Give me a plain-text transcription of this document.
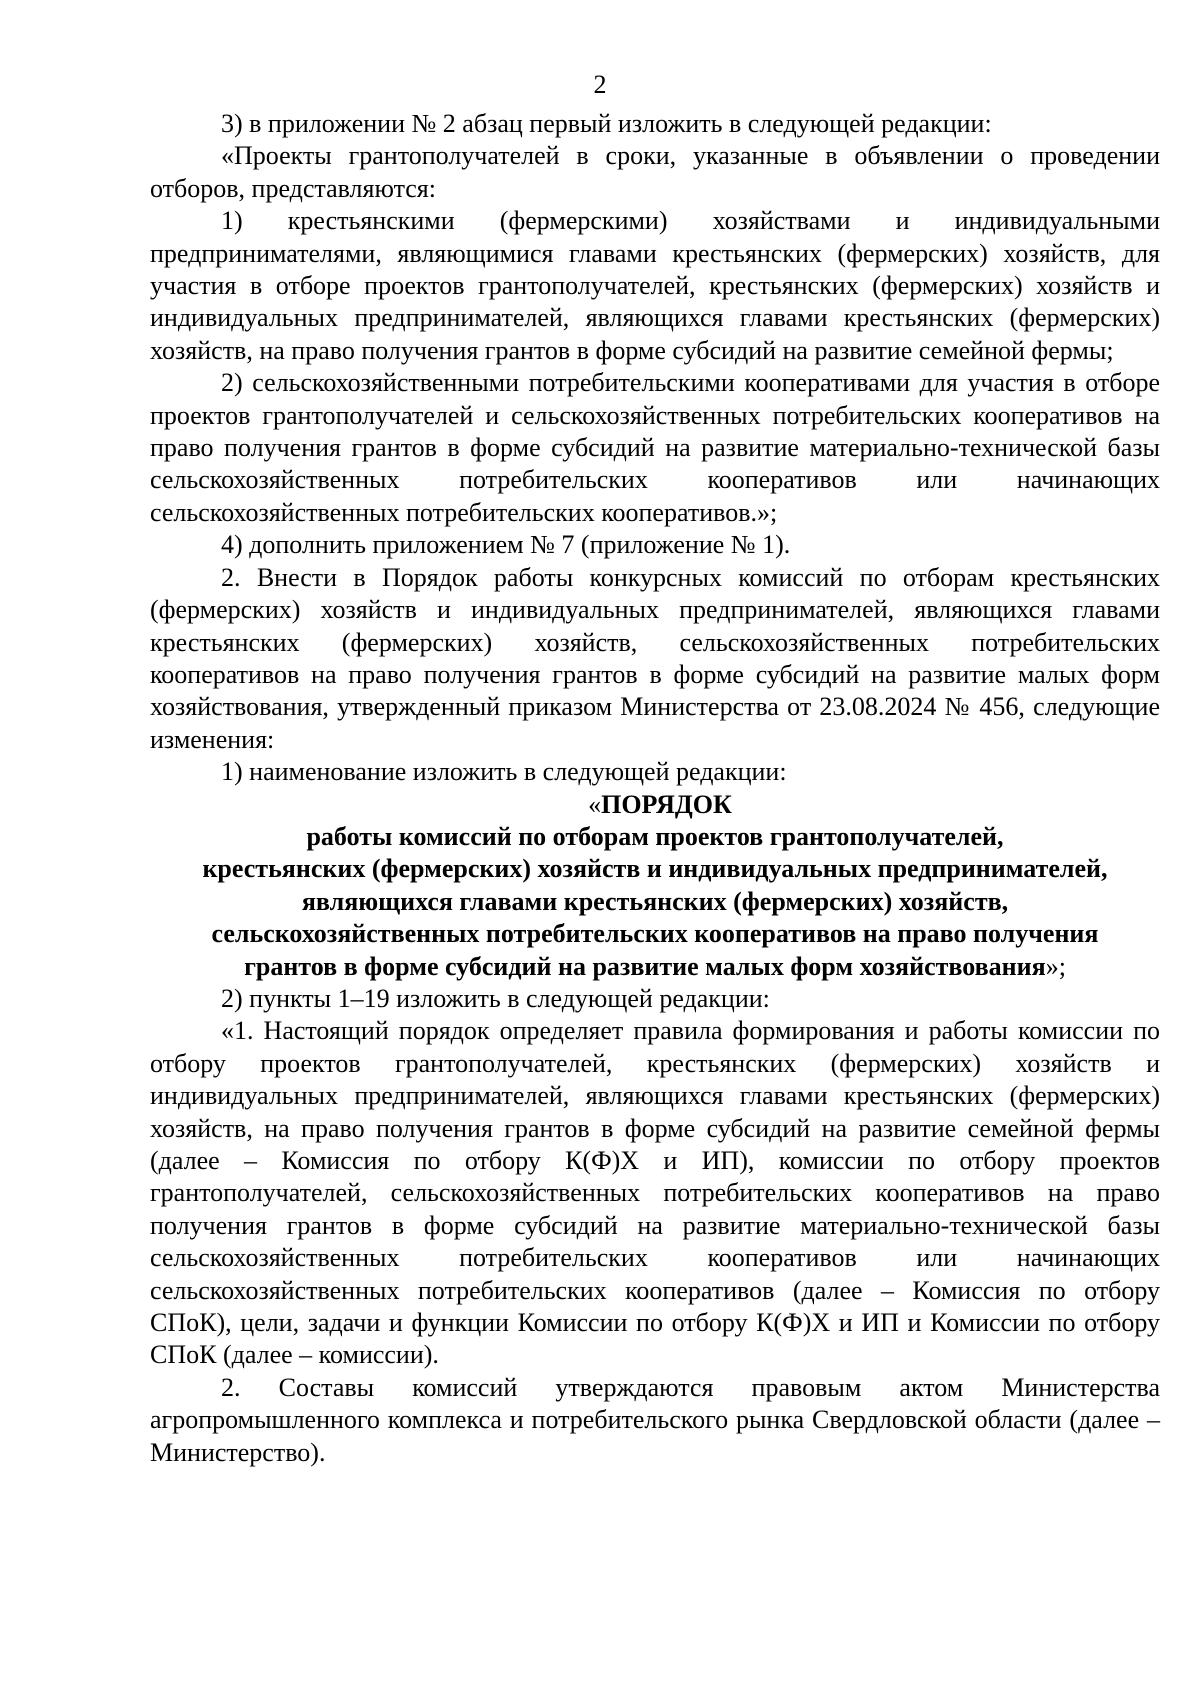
2

3) в приложении № 2 абзац первый изложить в следующей редакции:

«Проекты грантополучателей в сроки, указанные в объявлении о проведении отборов, представляются:

1) крестьянскими (фермерскими) хозяйствами и индивидуальными предпринимателями, являющимися главами крестьянских (фермерских) хозяйств, для участия в отборе проектов грантополучателей, крестьянских (фермерских) хозяйств и индивидуальных предпринимателей, являющихся главами крестьянских (фермерских) хозяйств, на право получения грантов в форме субсидий на развитие семейной фермы;

2) сельскохозяйственными потребительскими кооперативами для участия в отборе проектов грантополучателей и сельскохозяйственных потребительских кооперативов на право получения грантов в форме субсидий на развитие материально-технической базы сельскохозяйственных потребительских кооперативов или начинающих сельскохозяйственных потребительских кооперативов.»;

4) дополнить приложением № 7 (приложение № 1).

2. Внести в Порядок работы конкурсных комиссий по отборам крестьянских (фермерских) хозяйств и индивидуальных предпринимателей, являющихся главами крестьянских (фермерских) хозяйств, сельскохозяйственных потребительских кооперативов на право получения грантов в форме субсидий на развитие малых форм хозяйствования, утвержденный приказом Министерства от 23.08.2024 № 456, следующие изменения:

1) наименование изложить в следующей редакции:

«ПОРЯДОК
работы комиссий по отборам проектов грантополучателей,
крестьянских (фермерских) хозяйств и индивидуальных предпринимателей,
являющихся главами крестьянских (фермерских) хозяйств,
сельскохозяйственных потребительских кооперативов на право получения
грантов в форме субсидий на развитие малых форм хозяйствования»;

2) пункты 1–19 изложить в следующей редакции:

«1. Настоящий порядок определяет правила формирования и работы комиссии по отбору проектов грантополучателей, крестьянских (фермерских) хозяйств и индивидуальных предпринимателей, являющихся главами крестьянских (фермерских) хозяйств, на право получения грантов в форме субсидий на развитие семейной фермы (далее – Комиссия по отбору К(Ф)Х и ИП), комиссии по отбору проектов грантополучателей, сельскохозяйственных потребительских кооперативов на право получения грантов в форме субсидий на развитие материально-технической базы сельскохозяйственных потребительских кооперативов или начинающих сельскохозяйственных потребительских кооперативов (далее – Комиссия по отбору СПоК), цели, задачи и функции Комиссии по отбору К(Ф)Х и ИП и Комиссии по отбору СПоК (далее – комиссии).

2. Составы комиссий утверждаются правовым актом Министерства агропромышленного комплекса и потребительского рынка Свердловской области (далее – Министерство).
